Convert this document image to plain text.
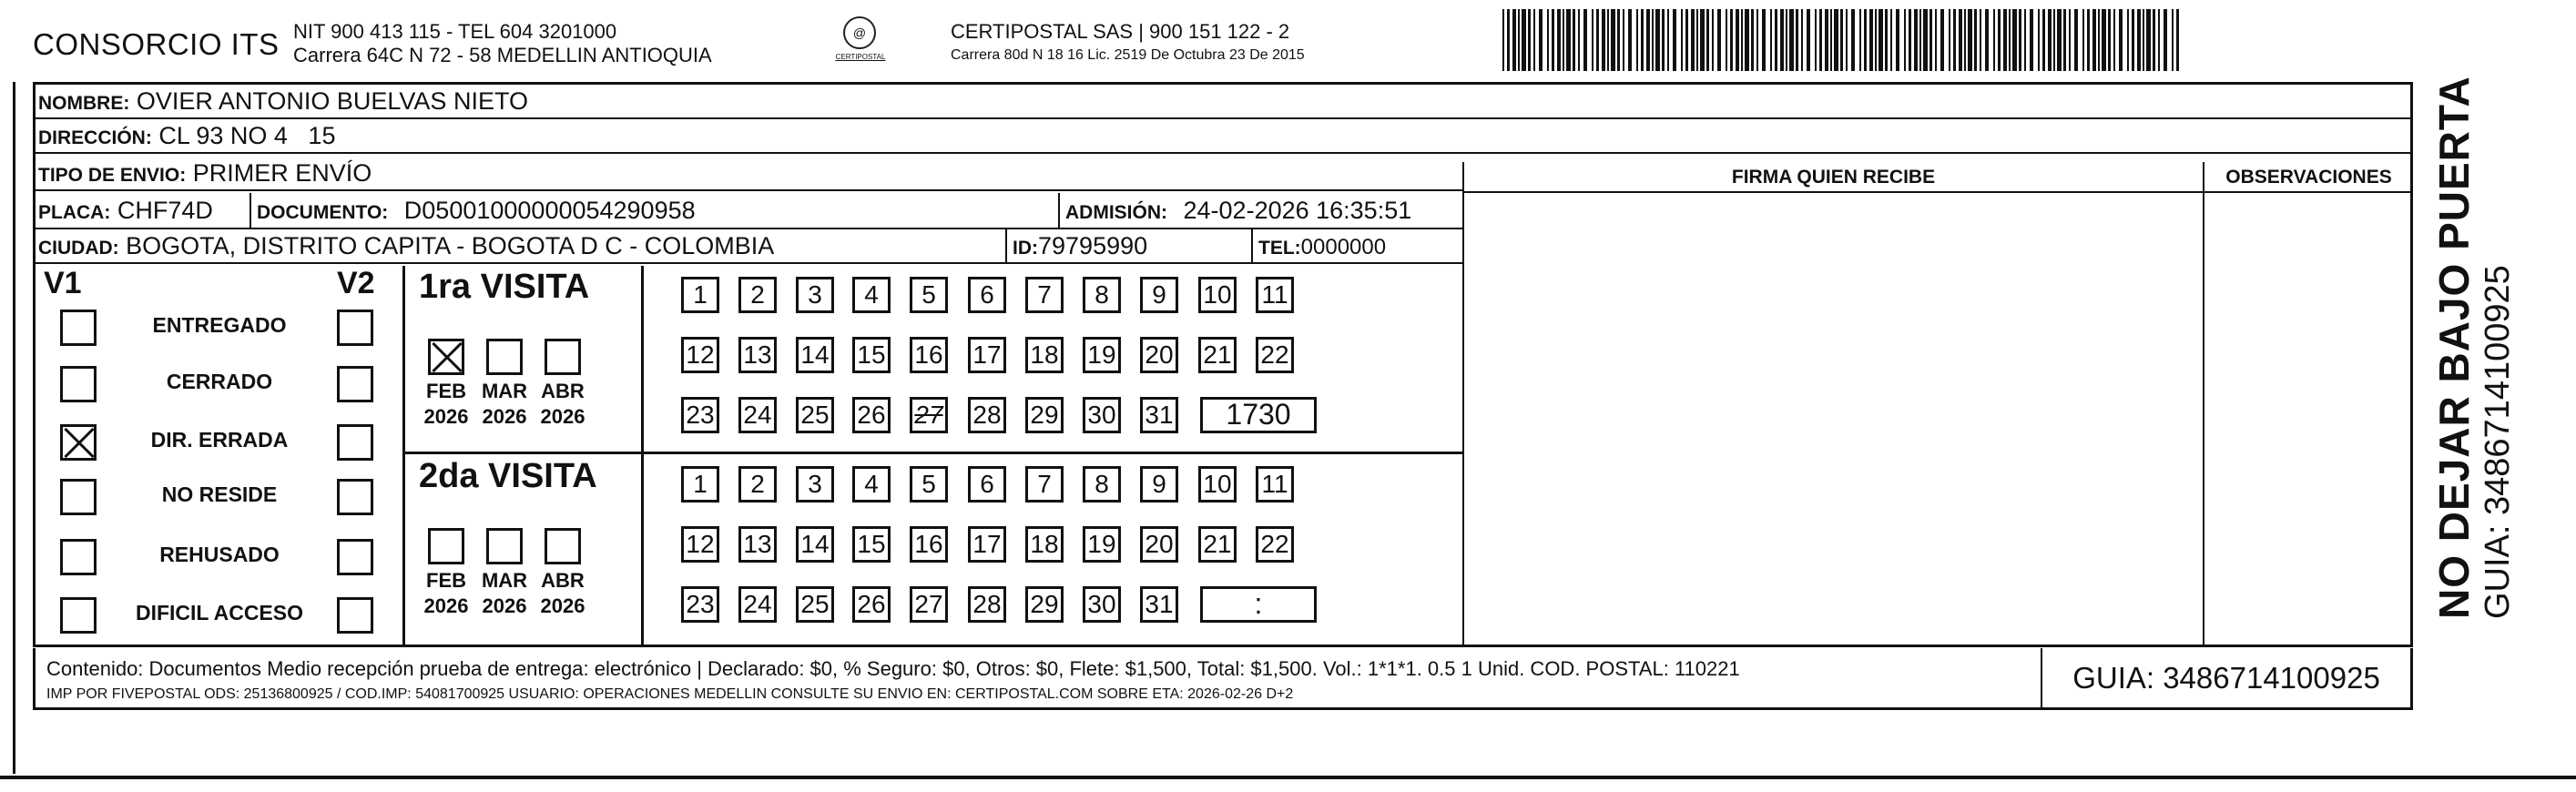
CONSORCIO ITS NIT 900 413 115 - TEL 604 3201000
Carrera 64C N 72 - 58 MEDELLIN ANTIOQUIA
@
CERTIPOSTAL
CERTIPOSTAL SAS | 900 151 122 - 2
Carrera 80d N 18 16 Lic. 2519 De Octubra 23 De 2015
NOMBRE: OVIER ANTONIO BUELVAS NIETO
DIRECCIÓN: CL 93 NO 4   15
TIPO DE ENVIO: PRIMER ENVÍO
PLACA: CHF74D	DOCUMENTO: D05001000000054290958	ADMISIÓN: 24-02-2026 16:35:51
CIUDAD: BOGOTA, DISTRITO CAPITA - BOGOTA D C - COLOMBIA	ID:79795990	TEL:0000000
FIRMA QUIEN RECIBE	OBSERVACIONES
V1	V2
ENTREGADO
CERRADO
DIR. ERRADA
NO RESIDE
REHUSADO
DIFICIL ACCESO
1ra VISITA
FEB
2026
MAR
2026
ABR
2026
1	2	3	4	5	6	7	8	9	10 11
12 13 14 15 16 17 18 19 20 21 22
23 24 25 26 27 28 29 30 31	1730
2da VISITA
FEB
2026
MAR
2026
ABR
2026
1	2	3	4	5	6	7	8	9	10 11
12 13 14 15 16 17 18 19 20 21 22
23 24 25 26 27 28 29 30 31	:
Contenido: Documentos Medio recepción prueba de entrega: electrónico | Declarado: $0, % Seguro: $0, Otros: $0, Flete: $1,500, Total: $1,500. Vol.: 1*1*1. 0.5 1 Unid. COD. POSTAL: 110221
IMP POR FIVEPOSTAL ODS: 25136800925 / COD.IMP: 54081700925 USUARIO: OPERACIONES MEDELLIN CONSULTE SU ENVIO EN: CERTIPOSTAL.COM SOBRE ETA: 2026-02-26 D+2	GUIA: 3486714100925
NO DEJAR BAJO PUERTA GUIA: 3486714100925
